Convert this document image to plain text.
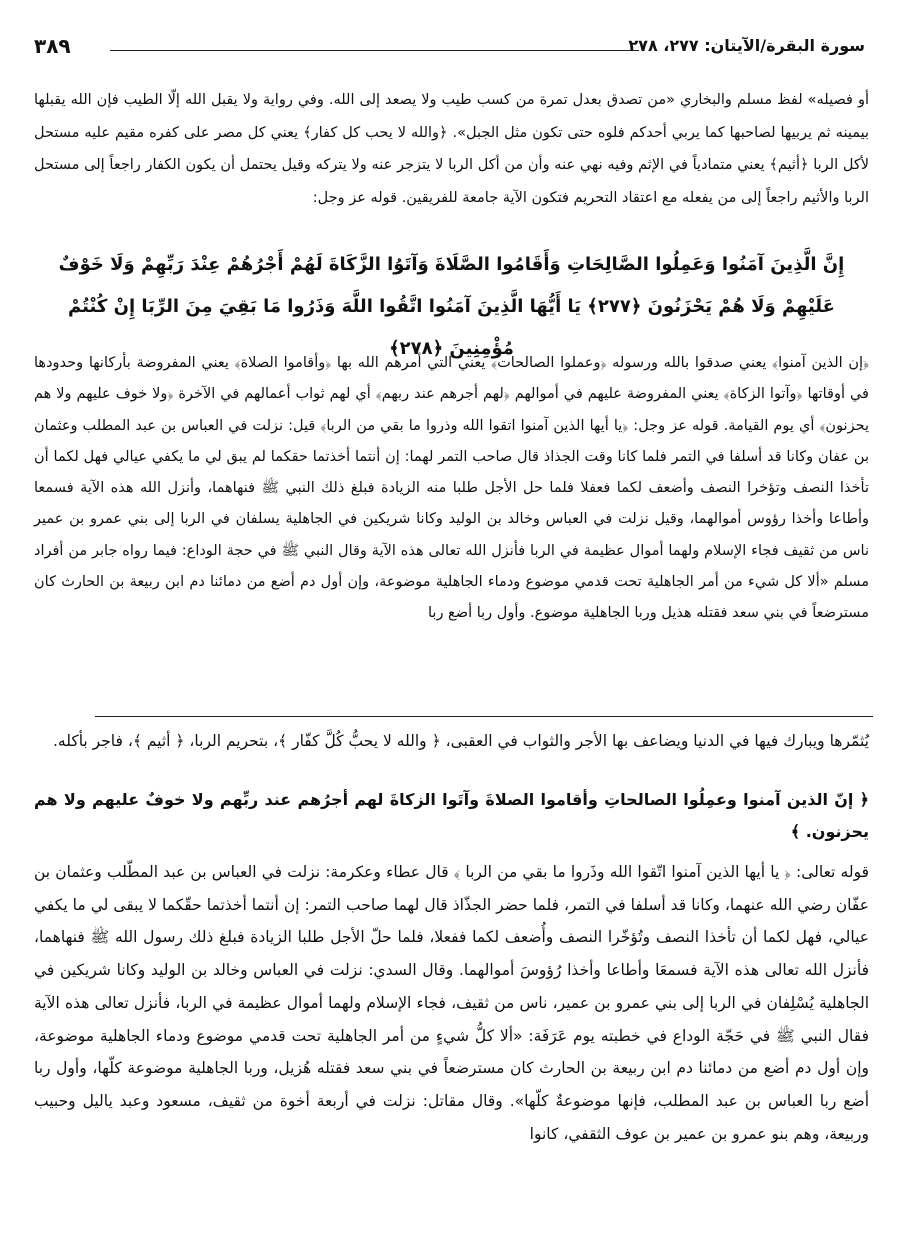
٣٨٩	سورة البقرة/الآيتان: ٢٧٧، ٢٧٨

أو فصيله» لفظ مسلم والبخاري «من تصدق بعدل تمرة من كسب طيب ولا يصعد إلى الله. وفي رواية ولا يقبل الله إلّا الطيب فإن الله يقبلها بيمينه ثم يربيها لصاحبها كما يربي أحدكم فلوه حتى تكون مثل الجبل». ﴿والله لا يحب كل كفار﴾ يعني كل مصر على كفره مقيم عليه مستحل لأكل الربا ﴿أثيم﴾ يعني متمادياً في الإثم وفيه نهي عنه وأن من أكل الربا لا يتزجر عنه ولا يتركه وقيل يحتمل أن يكون الكفار راجعاً إلى مستحل الربا والأثيم راجعاً إلى من يفعله مع اعتقاد التحريم فتكون الآية جامعة للفريقين. قوله عز وجل:

إِنَّ الَّذِينَ آمَنُوا وَعَمِلُوا الصَّالِحَاتِ وَأَقَامُوا الصَّلَاةَ وَآتَوُا الزَّكَاةَ لَهُمْ أَجْرُهُمْ عِنْدَ رَبِّهِمْ وَلَا خَوْفٌ عَلَيْهِمْ وَلَا هُمْ يَحْزَنُونَ ﴿٢٧٧﴾ يَا أَيُّهَا الَّذِينَ آمَنُوا اتَّقُوا اللَّهَ وَذَرُوا مَا بَقِيَ مِنَ الرِّبَا إِنْ كُنْتُمْ مُؤْمِنِينَ ﴿٢٧٨﴾

﴿إن الذين آمنوا﴾ يعني صدقوا بالله ورسوله ﴿وعملوا الصالحات﴾ يعني التي أمرهم الله بها ﴿وأقاموا الصلاة﴾ يعني المفروضة بأركانها وحدودها في أوقاتها ﴿وآتوا الزكاة﴾ يعني المفروضة عليهم في أموالهم ﴿لهم أجرهم عند ربهم﴾ أي لهم ثواب أعمالهم في الآخرة ﴿ولا خوف عليهم ولا هم يحزنون﴾ أي يوم القيامة. قوله عز وجل: ﴿يا أيها الذين آمنوا اتقوا الله وذروا ما بقي من الربا﴾ قيل: نزلت في العباس بن عبد المطلب وعثمان بن عفان وكانا قد أسلفا في التمر فلما كانا وقت الجذاذ قال صاحب التمر لهما: إن أنتما أخذتما حقكما لم يبق لي ما يكفي عيالي فهل لكما أن تأخذا النصف وتؤخرا النصف وأضعف لكما فعفلا فلما حل الأجل طلبا منه الزيادة فبلغ ذلك النبي ﷺ فنهاهما، وأنزل الله هذه الآية فسمعا وأطاعا وأخذا رؤوس أموالهما، وقيل نزلت في العباس وخالد بن الوليد وكانا شريكين في الجاهلية يسلفان في الربا إلى بني عمرو بن عمير ناس من ثقيف فجاء الإسلام ولهما أموال عظيمة في الربا فأنزل الله تعالى هذه الآية وقال النبي ﷺ في حجة الوداع: فيما رواه جابر من أفراد مسلم «ألا كل شيء من أمر الجاهلية تحت قدمي موضوع ودماء الجاهلية موضوعة، وإن أول دم أضع من دمائنا دم ابن ربيعة بن الحارث كان مسترضعاً في بني سعد فقتله هذيل وربا الجاهلية موضوع. وأول ربا أضع ربا

يُثمّرها ويبارك فيها في الدنيا ويضاعف بها الأجر والثواب في العقبى، ﴿ والله لا يحبُّ كُلَّ كفّار ﴾، بتحريم الربا، ﴿ أثيم ﴾، فاجر بأكله.

﴿ إنّ الذين آمنوا وعمِلُوا الصالحاتِ وأقاموا الصلاةَ وآتَوا الزكاةَ لهم أجرُهم عند ربِّهم ولا خوفٌ عليهم ولا هم يحزنون. ﴾

قوله تعالى: ﴿ يا أيها الذين آمنوا اتّقوا الله وذَروا ما بقي من الربا ﴾ قال عطاء وعكرمة: نزلت في العباس بن عبد المطّلب وعثمان بن عفّان رضي الله عنهما، وكانا قد أسلفا في التمر، فلما حضر الجذّاذ قال لهما صاحب التمر: إن أنتما أخذتما حقّكما لا يبقى لي ما يكفي عيالي، فهل لكما أن تأخذا النصف وتُؤخّرا النصف وأُضعف لكما ففعلا، فلما حلّ الأجل طلبا الزيادة فبلغ ذلك رسول الله ﷺ فنهاهما، فأنزل الله تعالى هذه الآية فسمعَا وأطاعا وأخذا رُؤوسَ أموالهما. وقال السدي: نزلت في العباس وخالد بن الوليد وكانا شريكين في الجاهلية يُسْلِفان في الربا إلى بني عمرو بن عمير، ناس من ثقيف، فجاء الإسلام ولهما أموال عظيمة في الربا، فأنزل تعالى هذه الآية فقال النبي ﷺ في حَجّة الوداع في خطبته يوم عَرَفَة: «ألا كلُّ شيءٍ من أمر الجاهلية تحت قدمي موضوع ودماء الجاهلية موضوعة، وإن أول دم أضع من دمائنا دم ابن ربيعة بن الحارث كان مسترضعاً في بني سعد فقتله هُزيل، وربا الجاهلية موضوعة كلّها، وأول ربا أضع ربا العباس بن عبد المطلب، فإنها موضوعةٌ كلّها». وقال مقاتل: نزلت في أربعة أخوة من ثقيف، مسعود وعبد ياليل وحبيب وربيعة، وهم بنو عمرو بن عمير بن عوف الثقفي، كانوا
